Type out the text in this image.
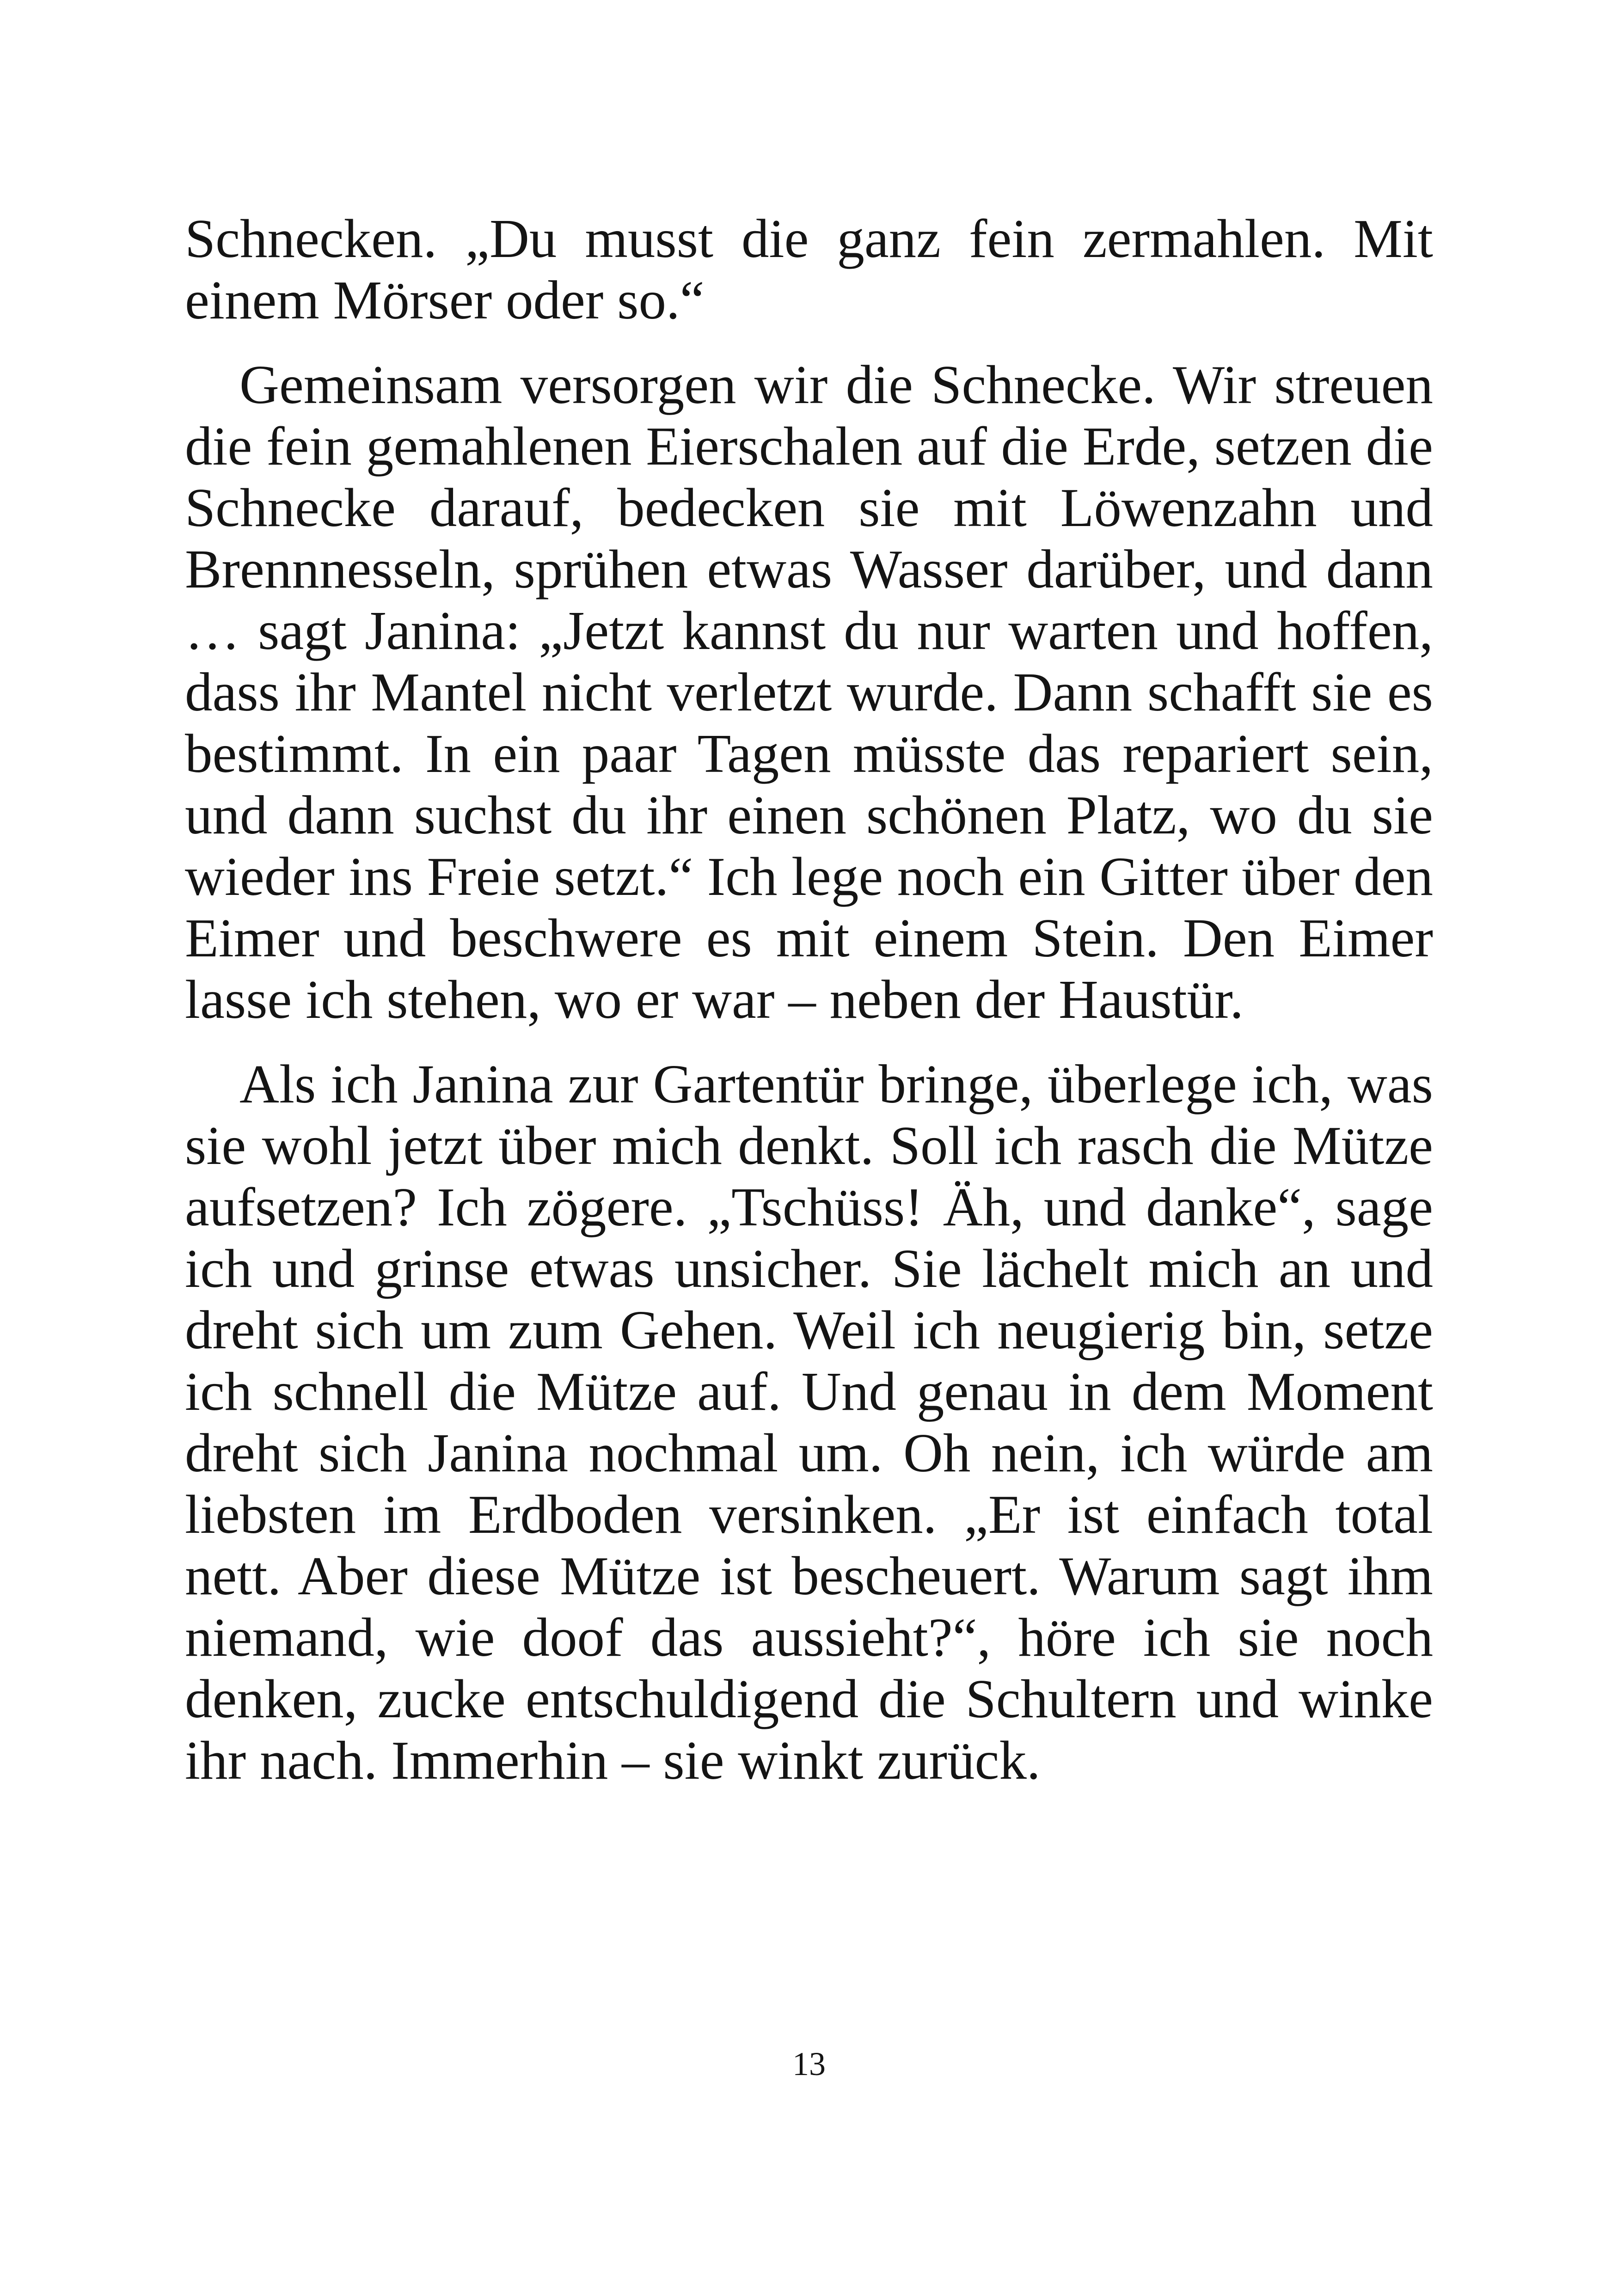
Schnecken. „Du musst die ganz fein zermahlen. Mit einem Mörser oder so.“

Gemeinsam versorgen wir die Schnecke. Wir streuen die fein gemahlenen Eierschalen auf die Erde, setzen die Schnecke darauf, bedecken sie mit Löwenzahn und Brennnesseln, sprühen etwas Wasser darüber, und dann … sagt Janina: „Jetzt kannst du nur warten und hoffen, dass ihr Mantel nicht verletzt wurde. Dann schafft sie es bestimmt. In ein paar Tagen müsste das repariert sein, und dann suchst du ihr einen schönen Platz, wo du sie wieder ins Freie setzt.“ Ich lege noch ein Gitter über den Eimer und beschwere es mit einem Stein. Den Eimer lasse ich stehen, wo er war – neben der Haustür.

Als ich Janina zur Gartentür bringe, überlege ich, was sie wohl jetzt über mich denkt. Soll ich rasch die Mütze aufsetzen? Ich zögere. „Tschüss! Äh, und danke“, sage ich und grinse etwas unsicher. Sie lächelt mich an und dreht sich um zum Gehen. Weil ich neugierig bin, setze ich schnell die Mütze auf. Und genau in dem Moment dreht sich Janina nochmal um. Oh nein, ich würde am liebsten im Erdboden versinken. „Er ist einfach total nett. Aber diese Mütze ist bescheuert. Warum sagt ihm niemand, wie doof das aussieht?“, höre ich sie noch denken, zucke entschuldigend die Schultern und winke ihr nach. Immerhin – sie winkt zurück.

13
